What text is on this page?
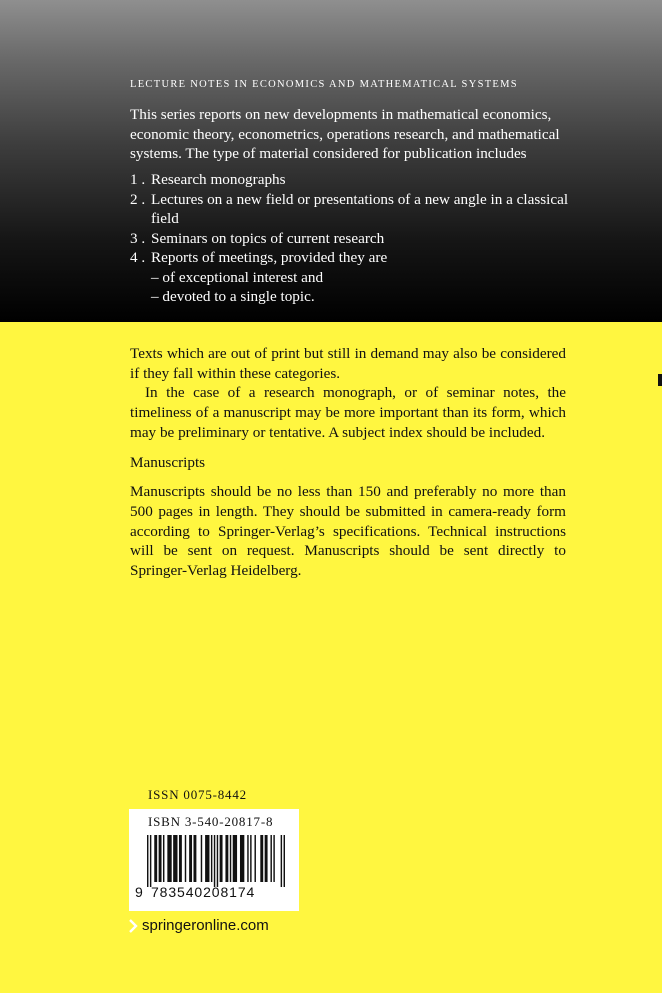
LECTURE NOTES IN ECONOMICS AND MATHEMATICAL SYSTEMS

This series reports on new developments in mathematical economics, economic theory, econometrics, operations research, and mathematical systems. The type of material considered for publication includes

1 . Research monographs
2 . Lectures on a new field or presentations of a new angle in a classical field
3 . Seminars on topics of current research
4 . Reports of meetings, provided they are
– of exceptional interest and
– devoted to a single topic.

Texts which are out of print but still in demand may also be considered if they fall within these categories.

In the case of a research monograph, or of seminar notes, the timeliness of a manuscript may be more important than its form, which may be preliminary or tentative. A subject index should be included.

Manuscripts

Manuscripts should be no less than 150 and preferably no more than 500 pages in length. They should be submitted in camera-ready form according to Springer-Verlag’s specifications. Technical instructions will be sent on request. Manuscripts should be sent directly to Springer-Verlag Heidelberg.

ISSN 0075-8442
ISBN 3-540-20817-8
9 783540208174
springeronline.com
